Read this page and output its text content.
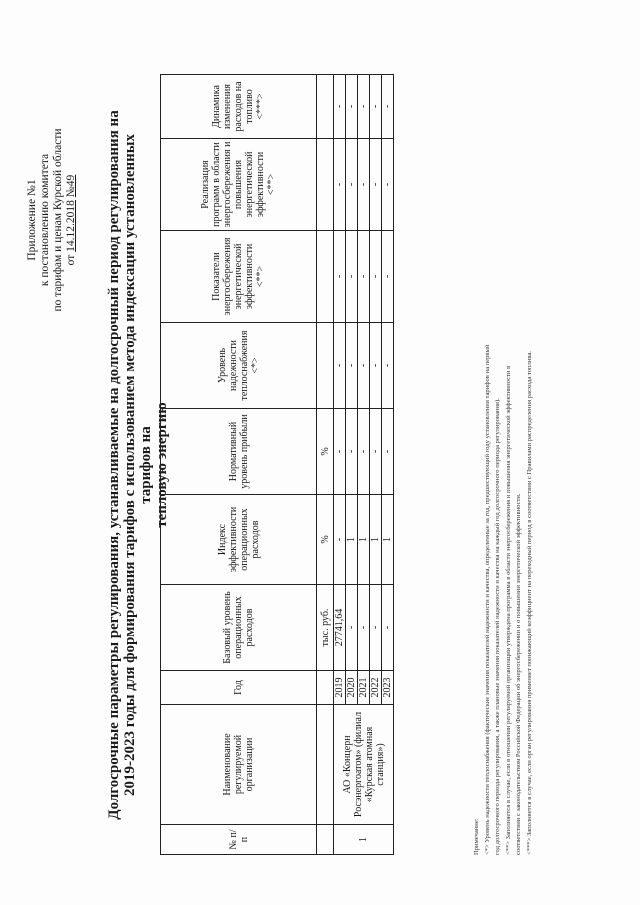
Приложение №1 к постановлению комитета по тарифам и ценам Курской области от 14.12.2018 №49 Долгосрочные параметры регулирования, устанавливаемые на долгосрочный период регулирования на 2019-2023 годы для формирования тарифов с использованием метода индексации установленных тарифов на тепловую энергию
№ п/п	Наименование регулируемой организации	Год	Базовый уровень операционных расходов	Индекс эффективности операционных расходов	Нормативный уровень прибыли	Уровень надежности теплоснабжения <*>	Показатели энергосбережения энергетической эффективности <**>	Реализация программ в области энергосбережения и повышения энергетической эффективности <**>	Динамика изменения расходов на топливо <***>
			тыс. руб.	%	%				
1	АО «Концерн Росэнергоатом» (филиал «Курская атомная станция»)	2019	27741,64	-	-	-	-	-	-
		2020	-	1	-	-	-	-	-
		2021	-	1	-	-	-	-	-
		2022	-	1	-	-	-	-	-
		2023	-	1	-	-	-	-	-
Примечание: <*> Уровень надежности теплоснабжения (фактические значения показателей надежности и качества, определенные за год, предшествующий году установления тарифов на первый год долгосрочного периода регулирования, а также плановые значения показателей надежности и качества на каждый год долгосрочного периода регулирования). <**> Заполняется в случае, если в отношении регулируемой организации утверждена программа в области энергосбережения и повышения энергетической эффективности в соответствии с законодательством Российской Федерации об энергосбережении и о повышении энергетической эффективности. <***> Заполняется в случае, если орган регулирования применяет понижающий коэффициент на переходный период в соответствии с Правилами распределения расхода топлива.
